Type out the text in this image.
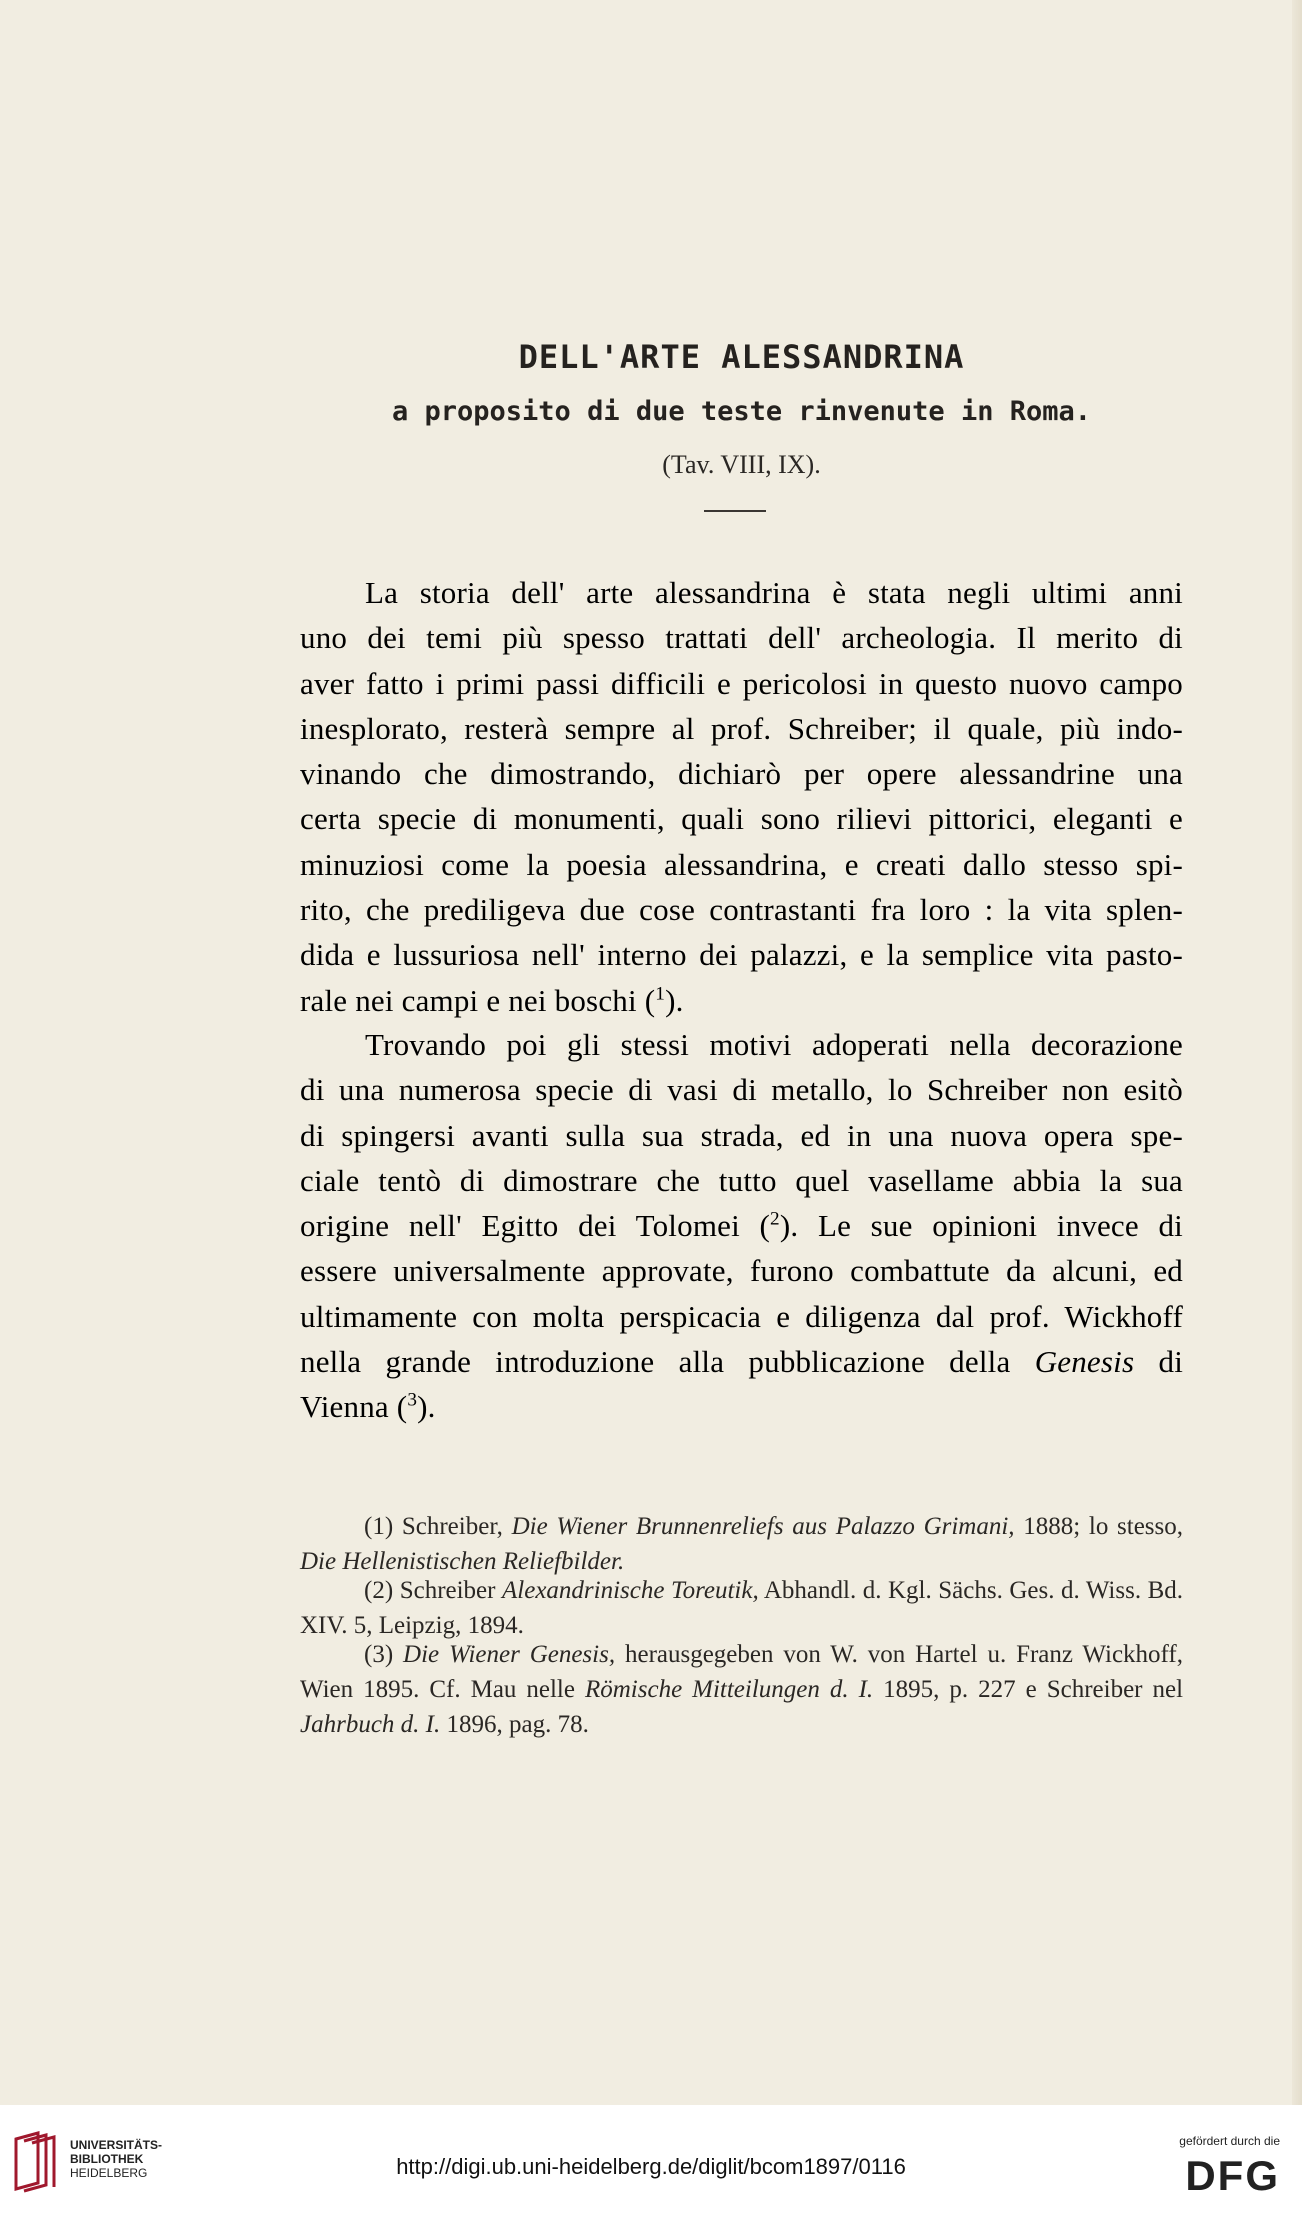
DELL'ARTE ALESSANDRINA
a proposito di due teste rinvenute in Roma.
(Tav. VIII, IX).

La storia dell' arte alessandrina è stata negli ultimi anni

uno dei temi più spesso trattati dell' archeologia. Il merito di

aver fatto i primi passi difficili e pericolosi in questo nuovo campo

inesplorato, resterà sempre al prof. Schreiber; il quale, più indo-

vinando che dimostrando, dichiarò per opere alessandrine una

certa specie di monumenti, quali sono rilievi pittorici, eleganti e

minuziosi come la poesia alessandrina, e creati dallo stesso spi-

rito, che prediligeva due cose contrastanti fra loro : la vita splen-

dida e lussuriosa nell' interno dei palazzi, e la semplice vita pasto-

rale nei campi e nei boschi ($^1$).

Trovando poi gli stessi motivi adoperati nella decorazione

di una numerosa specie di vasi di metallo, lo Schreiber non esitò

di spingersi avanti sulla sua strada, ed in una nuova opera spe-

ciale tentò di dimostrare che tutto quel vasellame abbia la sua

origine nell' Egitto dei Tolomei ($^2$). Le sue opinioni invece di

essere universalmente approvate, furono combattute da alcuni, ed

ultimamente con molta perspicacia e diligenza dal prof. Wickhoff

nella grande introduzione alla pubblicazione della Genesis di

Vienna ($^3$).

(1) Schreiber, Die Wiener Brunnenreliefs aus Palazzo Grimani, 1888; lo stesso, Die Hellenistischen Reliefbilder.
(2) Schreiber Alexandrinische Toreutik, Abhandl. d. Kgl. Sächs. Ges. d. Wiss. Bd. XIV. 5, Leipzig, 1894.
(3) Die Wiener Genesis, herausgegeben von W. von Hartel u. Franz Wickhoff, Wien 1895. Cf. Mau nelle Römische Mitteilungen d. I. 1895, p. 227 e Schreiber nel Jahrbuch d. I. 1896, pag. 78.
UNIVERSITÄTS-
BIBLIOTHEK
HEIDELBERG	http://digi.ub.uni-heidelberg.de/diglit/bcom1897/0116
gefördert durch die
DFG
